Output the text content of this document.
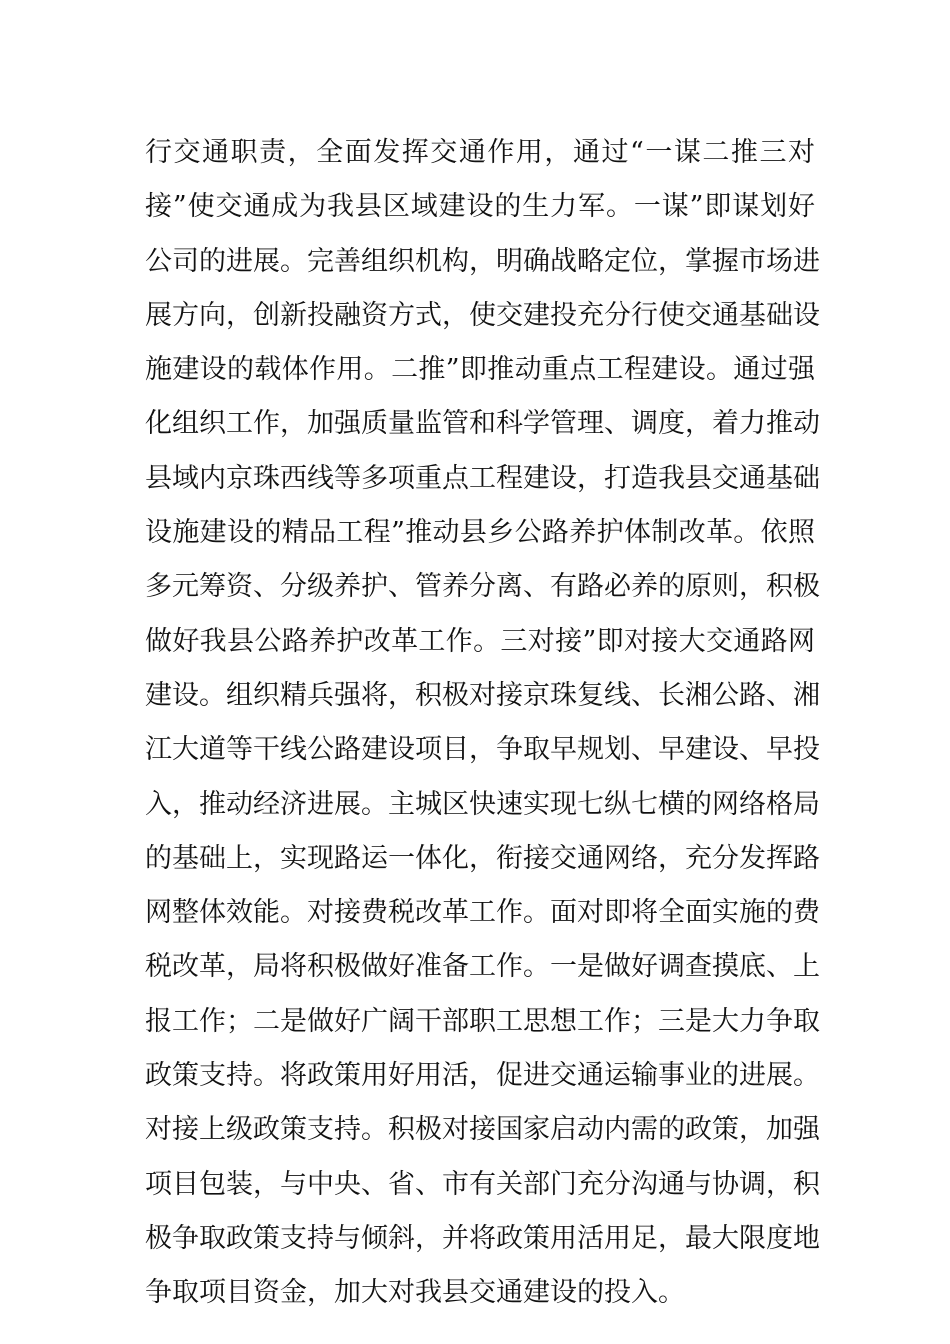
行交通职责，全面发挥交通作用，通过“一谋二推三对
接”使交通成为我县区域建设的生力军。一谋”即谋划好
公司的进展。完善组织机构，明确战略定位，掌握市场进
展方向，创新投融资方式，使交建投充分行使交通基础设
施建设的载体作用。二推”即推动重点工程建设。通过强
化组织工作，加强质量监管和科学管理、调度，着力推动
县域内京珠西线等多项重点工程建设，打造我县交通基础
设施建设的精品工程”推动县乡公路养护体制改革。依照
多元筹资、分级养护、管养分离、有路必养的原则，积极
做好我县公路养护改革工作。三对接”即对接大交通路网
建设。组织精兵强将，积极对接京珠复线、长湘公路、湘
江大道等干线公路建设项目，争取早规划、早建设、早投
入，推动经济进展。主城区快速实现七纵七横的网络格局
的基础上，实现路运一体化，衔接交通网络，充分发挥路
网整体效能。对接费税改革工作。面对即将全面实施的费
税改革，局将积极做好准备工作。一是做好调查摸底、上
报工作；二是做好广阔干部职工思想工作；三是大力争取
政策支持。将政策用好用活，促进交通运输事业的进展。
对接上级政策支持。积极对接国家启动内需的政策，加强
项目包装，与中央、省、市有关部门充分沟通与协调，积
极争取政策支持与倾斜，并将政策用活用足，最大限度地
争取项目资金，加大对我县交通建设的投入。
